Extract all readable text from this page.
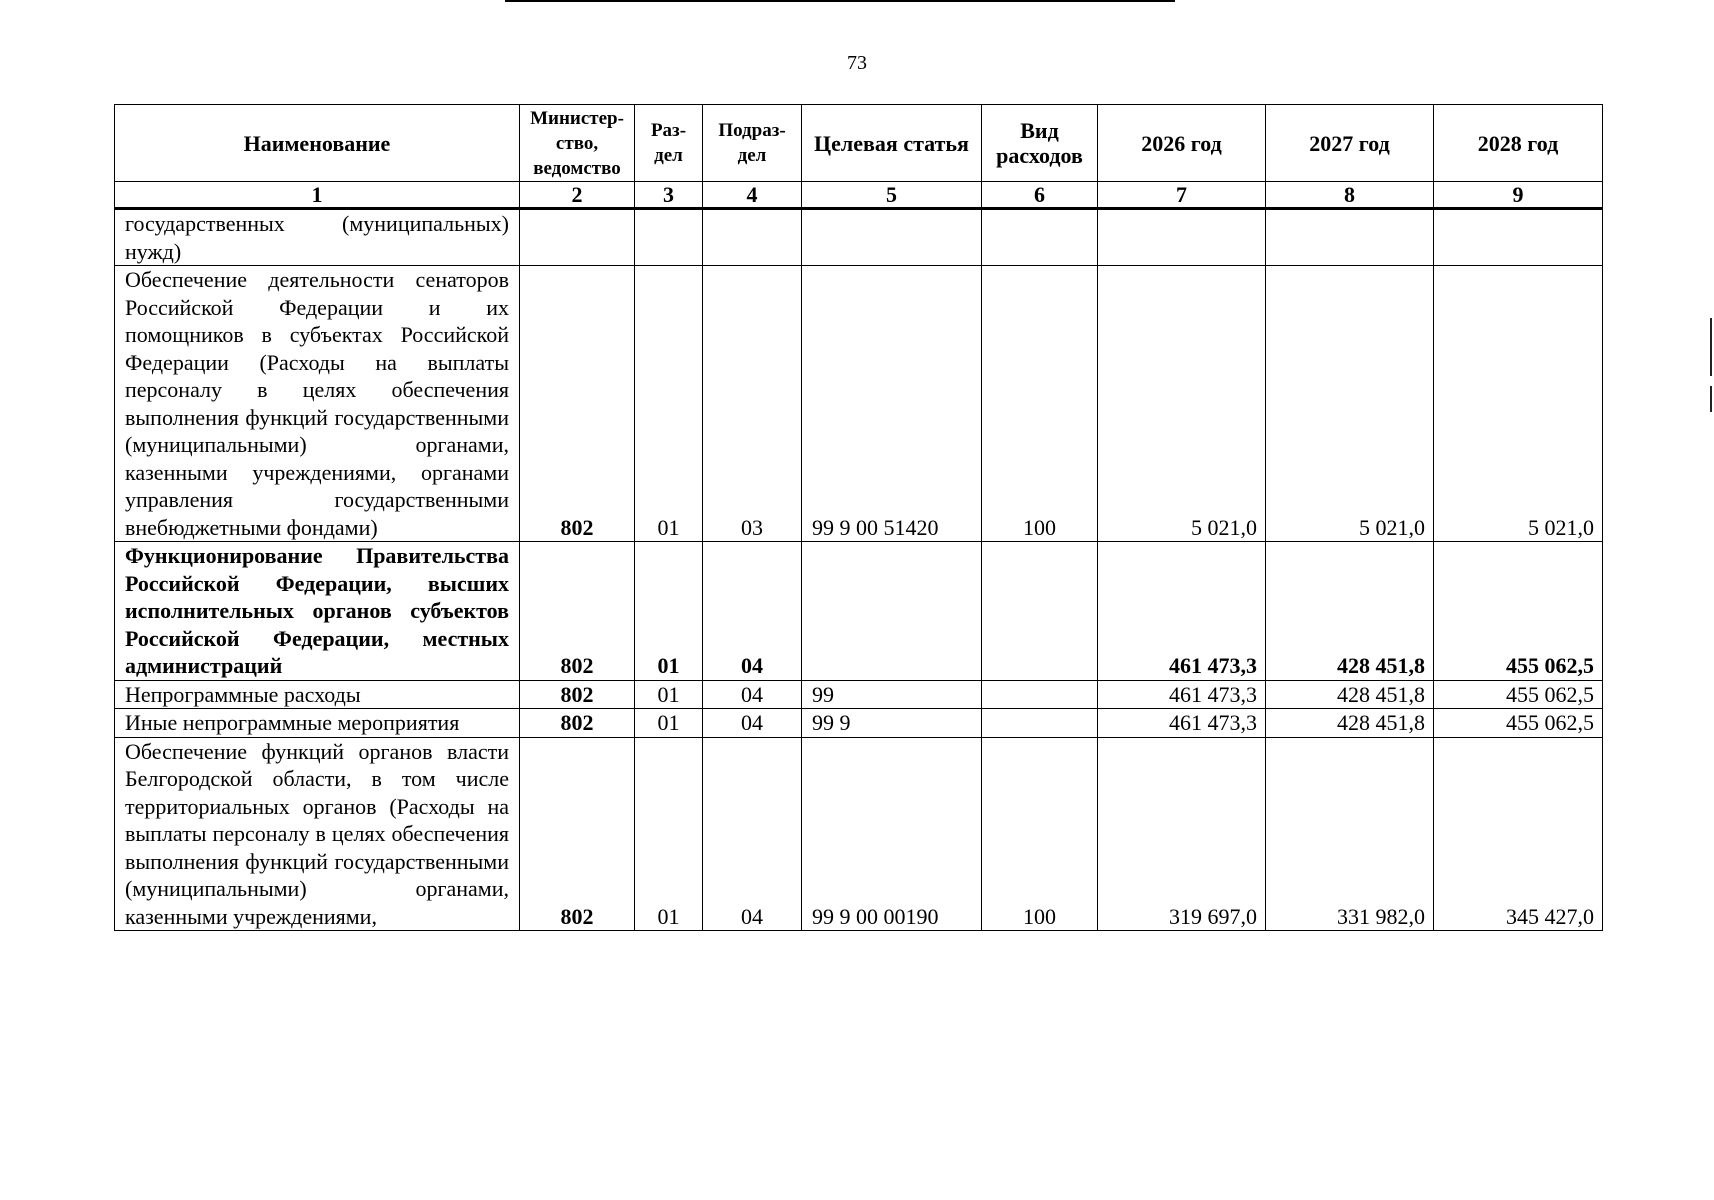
73
Наименование	Министер-ство, ведомство	Раз-дел	Подраз-дел	Целевая статья	Вид расходов	2026 год	2027 год	2028 год
1	2	3	4	5	6	7	8	9
государственных (муниципальных) нужд)								
Обеспечение деятельности сенаторов Российской Федерации и их помощников в субъектах Российской Федерации (Расходы на выплаты персоналу в целях обеспечения выполнения функций государственными (муниципальными) органами, казенными учреждениями, органами управления государственными внебюджетными фондами)	802	01	03	99 9 00 51420	100	5 021,0	5 021,0	5 021,0
Функционирование Правительства Российской Федерации, высших исполнительных органов субъектов Российской Федерации, местных администраций	802	01	04			461 473,3	428 451,8	455 062,5
Непрограммные расходы	802	01	04	99		461 473,3	428 451,8	455 062,5
Иные непрограммные мероприятия	802	01	04	99 9		461 473,3	428 451,8	455 062,5
Обеспечение функций органов власти Белгородской области, в том числе территориальных органов (Расходы на выплаты персоналу в целях обеспечения выполнения функций государственными (муниципальными) органами, казенными учреждениями,	802	01	04	99 9 00 00190	100	319 697,0	331 982,0	345 427,0
